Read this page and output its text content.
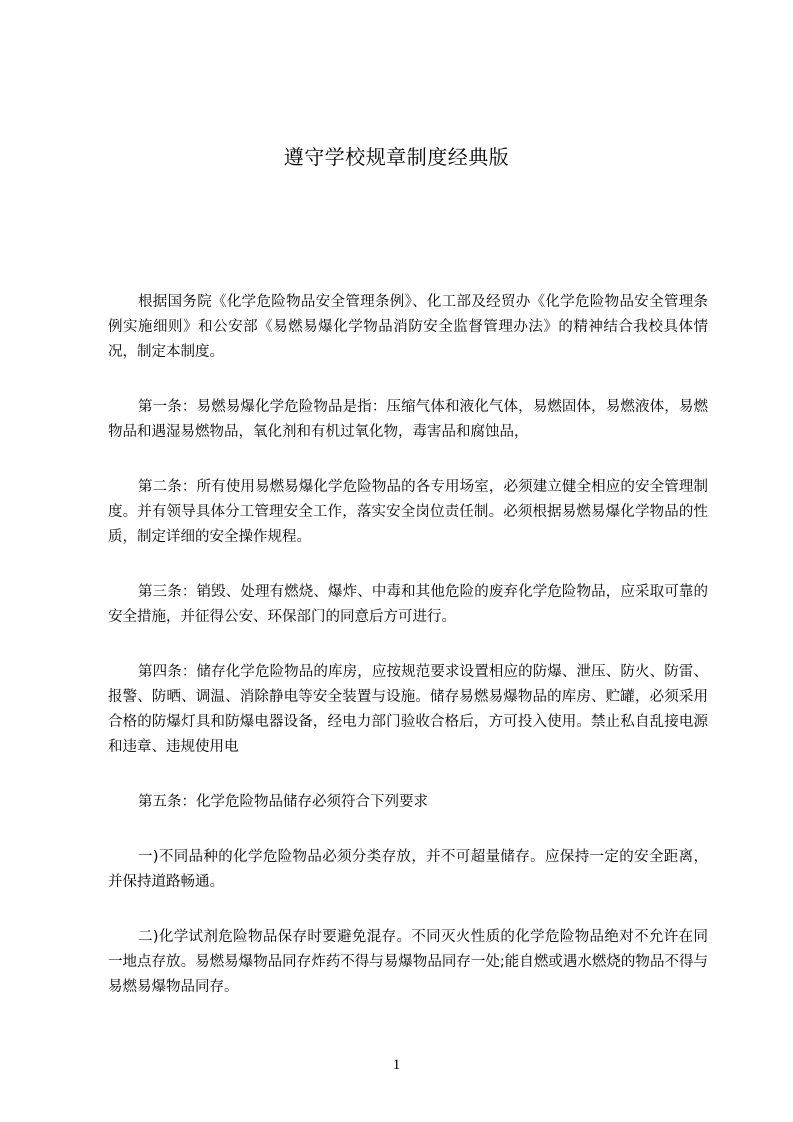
遵守学校规章制度经典版

根据国务院《化学危险物品安全管理条例》、化工部及经贸办《化学危险物品安全管理条例实施细则》和公安部《易燃易爆化学物品消防安全监督管理办法》的精神结合我校具体情况，制定本制度。

第一条：易燃易爆化学危险物品是指：压缩气体和液化气体，易燃固体，易燃液体，易燃物品和遇湿易燃物品，氧化剂和有机过氧化物，毒害品和腐蚀品，

第二条：所有使用易燃易爆化学危险物品的各专用场室，必须建立健全相应的安全管理制度。并有领导具体分工管理安全工作，落实安全岗位责任制。必须根据易燃易爆化学物品的性质，制定详细的安全操作规程。

第三条：销毁、处理有燃烧、爆炸、中毒和其他危险的废弃化学危险物品，应采取可靠的安全措施，并征得公安、环保部门的同意后方可进行。

第四条：储存化学危险物品的库房，应按规范要求设置相应的防爆、泄压、防火、防雷、报警、防晒、调温、消除静电等安全装置与设施。储存易燃易爆物品的库房、贮罐，必须采用合格的防爆灯具和防爆电器设备，经电力部门验收合格后，方可投入使用。禁止私自乱接电源和违章、违规使用电

第五条：化学危险物品储存必须符合下列要求

一)不同品种的化学危险物品必须分类存放，并不可超量储存。应保持一定的安全距离，并保持道路畅通。

二)化学试剂危险物品保存时要避免混存。不同灭火性质的化学危险物品绝对不允许在同一地点存放。易燃易爆物品同存炸药不得与易爆物品同存一处;能自燃或遇水燃烧的物品不得与易燃易爆物品同存。

1
